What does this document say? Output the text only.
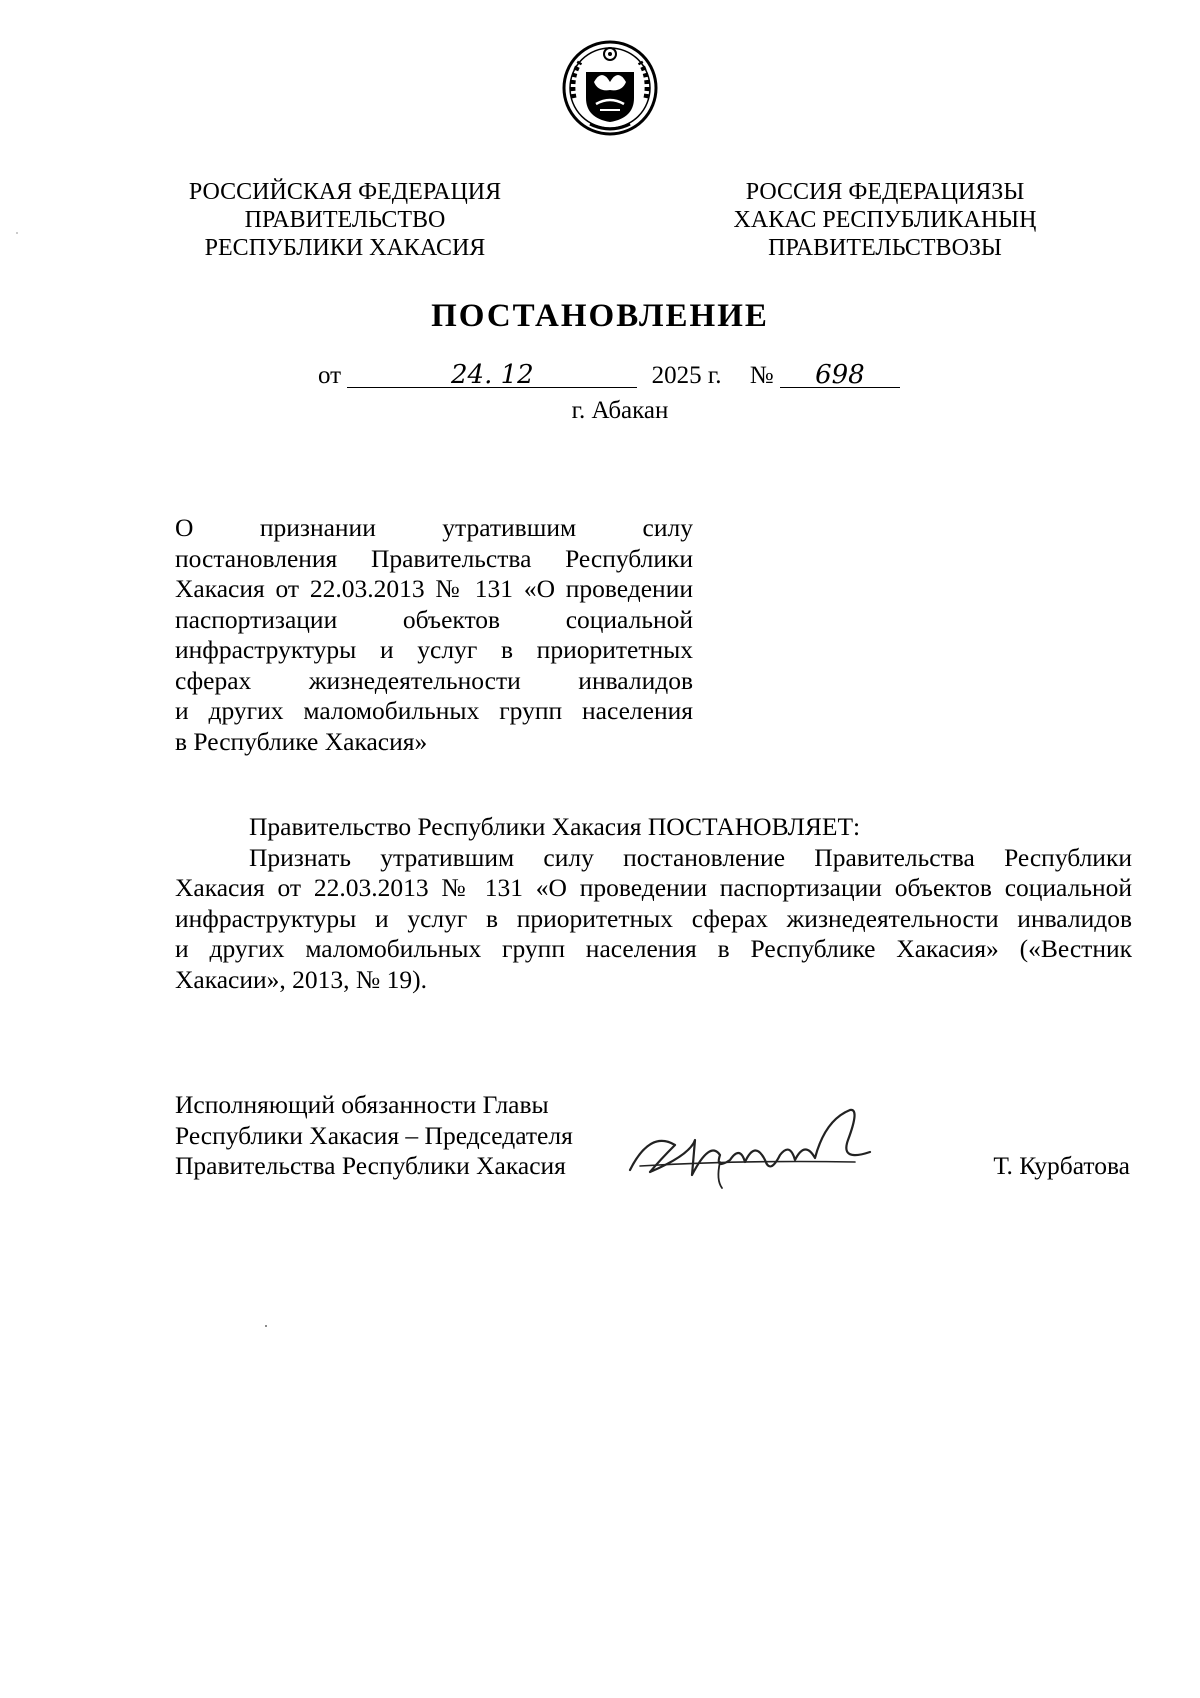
РОССИЙСКАЯ ФЕДЕРАЦИЯ
ПРАВИТЕЛЬСТВО
РЕСПУБЛИКИ ХАКАСИЯ
РОССИЯ ФЕДЕРАЦИЯЗЫ
ХАКАС РЕСПУБЛИКАНЫҢ
ПРАВИТЕЛЬСТВОЗЫ
ПОСТАНОВЛЕНИЕ
от	24. 12	2025 г. № 698
г. Абакан
О признании утратившим силу
постановления Правительства Республики
Хакасия от 22.03.2013 № 131 «О проведении
паспортизации объектов социальной
инфраструктуры и услуг в приоритетных
сферах жизнедеятельности инвалидов
и других маломобильных групп населения
в Республике Хакасия»
Правительство Республики Хакасия ПОСТАНОВЛЯЕТ:
Признать утратившим силу постановление Правительства Республики
Хакасия от 22.03.2013 № 131 «О проведении паспортизации объектов социальной
инфраструктуры и услуг в приоритетных сферах жизнедеятельности инвалидов
и других маломобильных групп населения в Республике Хакасия» («Вестник
Хакасии», 2013, № 19).
Исполняющий обязанности Главы
Республики Хакасия – Председателя
Правительства Республики Хакасия	Т. Курбатова
